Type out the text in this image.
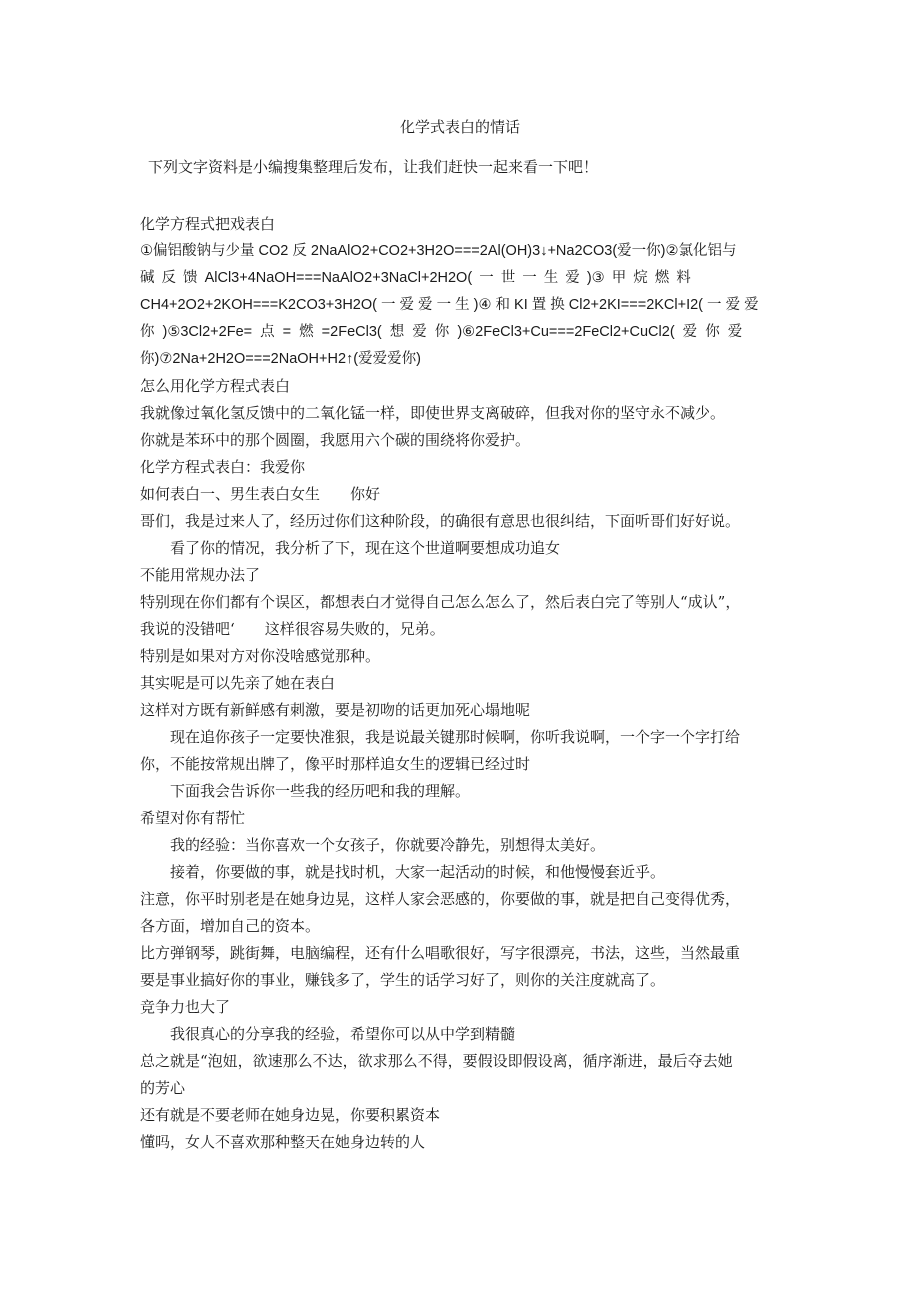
化学式表白的情话
下列文字资料是小编搜集整理后发布，让我们赶快一起来看一下吧！
化学方程式把戏表白
①偏铝酸钠与少量 CO2 反 2NaAlO2+CO2+3H2O===2Al(OH)3↓+Na2CO3(爱一你)②氯化铝与
碱 反 馈 AlCl3+4NaOH===NaAlO2+3NaCl+2H2O( 一 世 一 生 爱 )③ 甲 烷 燃 料
CH4+2O2+2KOH===K2CO3+3H2O( 一 爱 爱 一 生 )④ 和 KI 置 换 Cl2+2KI===2KCl+I2( 一 爱 爱
你 )⑤3Cl2+2Fe= 点 = 燃 =2FeCl3( 想 爱 你 )⑥2FeCl3+Cu===2FeCl2+CuCl2( 爱 你 爱
你)⑦2Na+2H2O===2NaOH+H2↑(爱爱爱你)
怎么用化学方程式表白
我就像过氧化氢反馈中的二氧化锰一样，即使世界支离破碎，但我对你的坚守永不减少。
你就是苯环中的那个圆圈，我愿用六个碳的围绕将你爱护。
化学方程式表白：我爱你
如何表白一、男生表白女生　　你好
哥们，我是过来人了，经历过你们这种阶段，的确很有意思也很纠结，下面听哥们好好说。
看了你的情况，我分析了下，现在这个世道啊要想成功追女
不能用常规办法了
特别现在你们都有个误区，都想表白才觉得自己怎么怎么了，然后表白完了等别人“成认”，
我说的没错吧‘　　这样很容易失败的，兄弟。
特别是如果对方对你没啥感觉那种。
其实呢是可以先亲了她在表白
这样对方既有新鲜感有刺激，要是初吻的话更加死心塌地呢
现在追你孩子一定要快准狠，我是说最关键那时候啊，你听我说啊，一个字一个字打给
你，不能按常规出牌了，像平时那样追女生的逻辑已经过时
下面我会告诉你一些我的经历吧和我的理解。
希望对你有帮忙
我的经验：当你喜欢一个女孩子，你就要冷静先，别想得太美好。
接着，你要做的事，就是找时机，大家一起活动的时候，和他慢慢套近乎。
注意，你平时别老是在她身边晃，这样人家会恶感的，你要做的事，就是把自己变得优秀，
各方面，增加自己的资本。
比方弹钢琴，跳街舞，电脑编程，还有什么唱歌很好，写字很漂亮，书法，这些，当然最重
要是事业搞好你的事业，赚钱多了，学生的话学习好了，则你的关注度就高了。
竞争力也大了
我很真心的分享我的经验，希望你可以从中学到精髓
总之就是“泡妞，欲速那么不达，欲求那么不得，要假设即假设离，循序渐进，最后夺去她
的芳心
还有就是不要老师在她身边晃，你要积累资本
懂吗，女人不喜欢那种整天在她身边转的人
